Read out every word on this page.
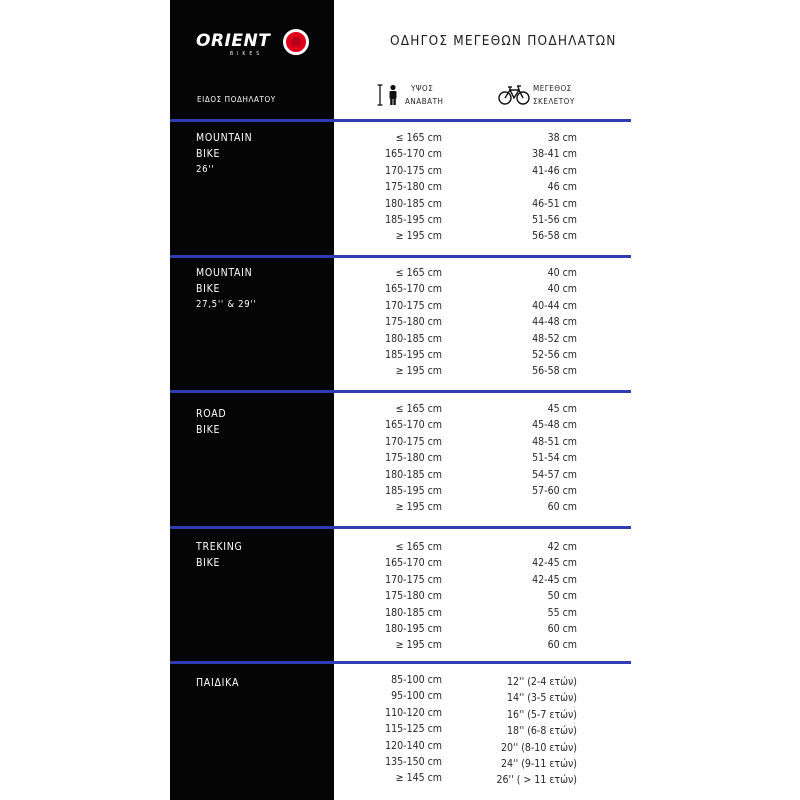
ORIENT
BIKES
ΟΔΗΓΟΣ ΜΕΓΕΘΩΝ ΠΟΔΗΛΑΤΩΝ
ΕΙΔΟΣ ΠΟΔΗΛΑΤΟΥ
ΥΨΟΣ
ΑΝΑΒΑΤΗ
ΜΕΓΕΘΟΣ
ΣΚΕΛΕΤΟΥ
MOUNTAIN
BIKE
26''
≤ 165 cm
165-170 cm
170-175 cm
175-180 cm
180-185 cm
185-195 cm
≥ 195 cm
38 cm
38-41 cm
41-46 cm
46 cm
46-51 cm
51-56 cm
56-58 cm
MOUNTAIN
BIKE
27,5'' & 29''
≤ 165 cm
165-170 cm
170-175 cm
175-180 cm
180-185 cm
185-195 cm
≥ 195 cm
40 cm
40 cm
40-44 cm
44-48 cm
48-52 cm
52-56 cm
56-58 cm
ROAD
BIKE
≤ 165 cm
165-170 cm
170-175 cm
175-180 cm
180-185 cm
185-195 cm
≥ 195 cm
45 cm
45-48 cm
48-51 cm
51-54 cm
54-57 cm
57-60 cm
60 cm
TREKING
BIKE
≤ 165 cm
165-170 cm
170-175 cm
175-180 cm
180-185 cm
180-195 cm
≥ 195 cm
42 cm
42-45 cm
42-45 cm
50 cm
55 cm
60 cm
60 cm
ΠΑΙΔΙΚΑ	85-100 cm
95-100 cm
110-120 cm
115-125 cm
120-140 cm
135-150 cm
≥ 145 cm
12'' (2-4 ετών)
14'' (3-5 ετών)
16'' (5-7 ετών)
18'' (6-8 ετών)
20'' (8-10 ετών)
24'' (9-11 ετών)
26'' ( > 11 ετών)
